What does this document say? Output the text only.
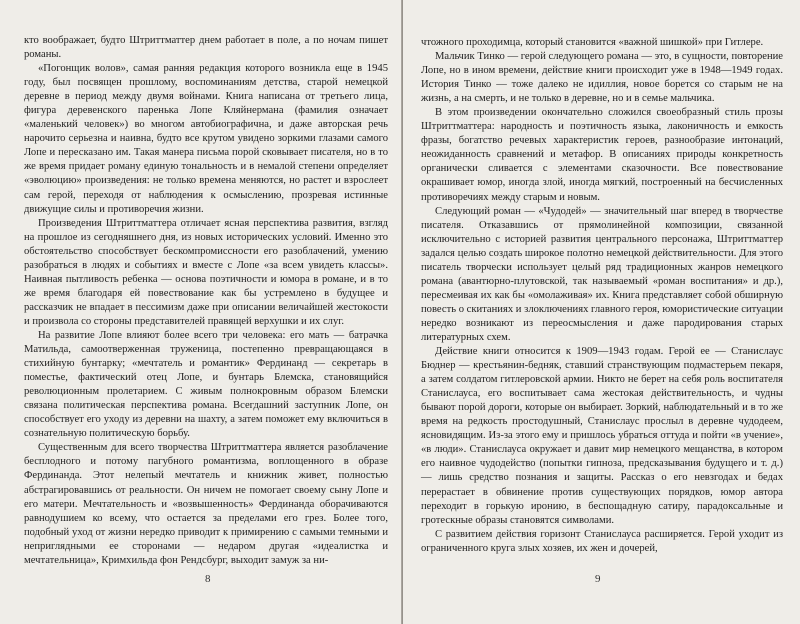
кто воображает, будто Штриттматтер днем работает в поле, а по ночам пишет романы.

«Погонщик волов», самая ранняя редакция которого возникла еще в 1945 году, был посвящен прошлому, воспоминаниям детства, старой немецкой деревне в период между двумя войнами. Книга написана от третьего лица, фигура деревенского паренька Лопе Кляйнермана (фамилия означает «маленький человек») во многом автобиографична, и даже авторская речь нарочито серьезна и наивна, будто все крутом увидено зоркими глазами самого Лопе и пересказано им. Такая манера письма порой сковывает писателя, но в то же время придает роману единую тональность и в немалой степени определяет «эволюцию» произведения: не только времена меняются, но растет и взрослеет сам герой, переходя от наблюдения к осмыслению, прозревая истинные движущие силы и противоречия жизни.

Произведения Штриттматтера отличает ясная перспектива развития, взгляд на прошлое из сегодняшнего дня, из новых исторических условий. Именно это обстоятельство способствует бескомпромиссности его разоблачений, умению разобраться в людях и событиях и вместе с Лопе «за всем увидеть классы». Наивная пытливость ребенка — основа поэтичности и юмора в романе, и в то же время благодаря ей повествование как бы устремлено в будущее и рассказчик не впадает в пессимизм даже при описании величайшей жестокости и произвола со стороны представителей правящей верхушки и их слуг.

На развитие Лопе влияют более всего три человека: его мать — батрачка Матильда, самоотверженная труженица, постепенно превращающаяся в стихийную бунтарку; «мечтатель и романтик» Фердинанд — секретарь в поместье, фактический отец Лопе, и бунтарь Блемска, становящийся революционным пролетарием. С живым полнокровным образом Блемски связана политическая перспектива романа. Всегдашний заступник Лопе, он способствует его уходу из деревни на шахту, а затем поможет ему включиться в сознательную политическую борьбу.

Существенным для всего творчества Штриттматтера является разоблачение бесплодного и потому пагубного романтизма, воплощенного в образе Фердинанда. Этот нелепый мечтатель и книжник живет, полностью абстрагировавшись от реальности. Он ничем не помогает своему сыну Лопе и его матери. Мечтательность и «возвышенность» Фердинанда оборачиваются равнодушием ко всему, что остается за пределами его грез. Более того, подобный уход от жизни нередко приводит к примирению с самыми темными и неприглядными ее сторонами — недаром другая «идеалистка и мечтательница», Кримхильда фон Рендсбург, выходит замуж за ни-

8

чтожного проходимца, который становится «важной шишкой» при Гитлере.

Мальчик Тинко — герой следующего романа — это, в сущности, повторение Лопе, но в ином времени, действие книги происходит уже в 1948—1949 годах. История Тинко — тоже далеко не идиллия, новое борется со старым не на жизнь, а на смерть, и не только в деревне, но и в семье мальчика.

В этом произведении окончательно сложился своеобразный стиль прозы Штриттматтера: народность и поэтичность языка, лаконичность и емкость фразы, богатство речевых характеристик героев, разнообразие интонаций, неожиданность сравнений и метафор. В описаниях природы конкретность органически сливается с элементами сказочности. Все повествование окрашивает юмор, иногда злой, иногда мягкий, построенный на бесчисленных противоречиях между старым и новым.

Следующий роман — «Чудодей» — значительный шаг вперед в творчестве писателя. Отказавшись от прямолинейной композиции, связанной исключительно с историей развития центрального персонажа, Штриттматтер задался целью создать широкое полотно немецкой действительности. Для этого писатель творчески использует целый ряд традиционных жанров немецкого романа (авантюрно-плутовской, так называемый «роман воспитания» и др.), пересмеивая их как бы «омолаживая» их. Книга представляет собой обширную повесть о скитаниях и злоключениях главного героя, юмористические ситуации нередко возникают из переосмысления и даже пародирования старых литературных схем.

Действие книги относится к 1909—1943 годам. Герой ее — Станислаус Бюднер — крестьянин-бедняк, ставший странствующим подмастерьем пекаря, а затем солдатом гитлеровской армии. Никто не берет на себя роль воспитателя Станислауса, его воспитывает сама жестокая действительность, и чудны бывают порой дороги, которые он выбирает. Зоркий, наблюдательный и в то же время на редкость простодушный, Станислаус прослыл в деревне чудодеем, ясновидящим. Из-за этого ему и пришлось убраться оттуда и пойти «в учение», «в люди». Станислауса окружает и давит мир немецкого мещанства, в котором его наивное чудодейство (попытки гипноза, предсказывания будущего и т. д.) — лишь средство познания и защиты. Рассказ о его невзгодах и бедах перерастает в обвинение против существующих порядков, юмор автора переходит в горькую иронию, в беспощадную сатиру, парадоксальные и гротескные образы становятся символами.

С развитием действия горизонт Станислауса расширяется. Герой уходит из ограниченного круга злых хозяев, их жен и дочерей,

9
